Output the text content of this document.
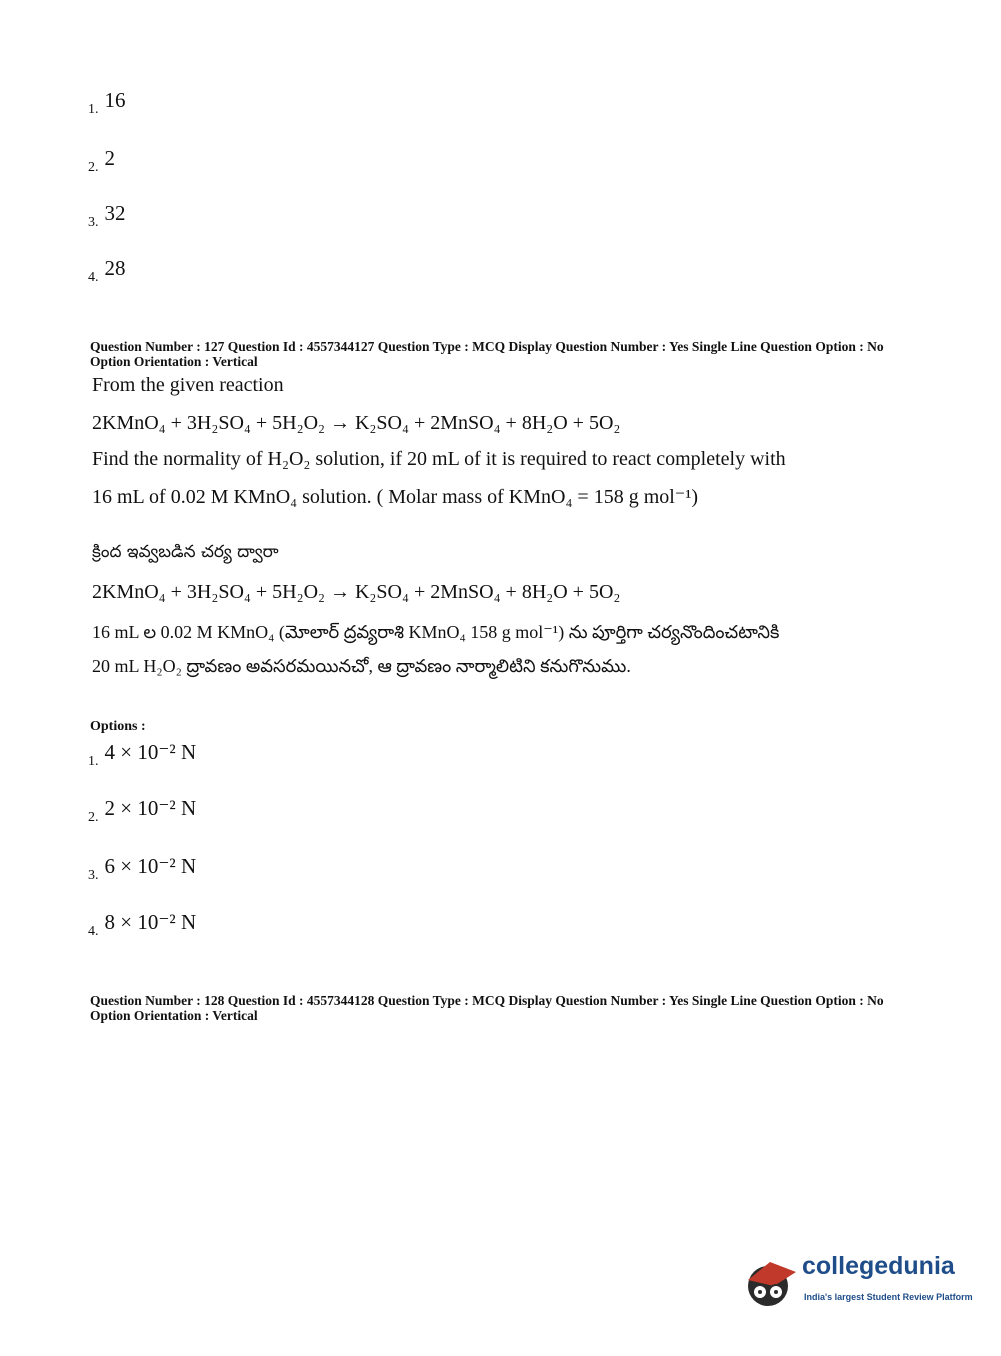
1. 16
2. 2
3. 32
4. 28
Question Number : 127 Question Id : 4557344127 Question Type : MCQ Display Question Number : Yes Single Line Question Option : No Option Orientation : Vertical
From the given reaction
2KMnO₄ + 3H₂SO₄ + 5H₂O₂ → K₂SO₄ + 2MnSO₄ + 8H₂O + 5O₂
Find the normality of H₂O₂ solution, if 20 mL of it is required to react completely with
16 mL of 0.02 M KMnO₄ solution. ( Molar mass of KMnO₄ = 158 g mol⁻¹)
క్రింద ఇవ్వబడిన చర్య ద్వారా
2KMnO₄ + 3H₂SO₄ + 5H₂O₂ → K₂SO₄ + 2MnSO₄ + 8H₂O + 5O₂
16 mL ల 0.02 M KMnO₄ (మోలార్ ద్రవ్యరాశి KMnO₄ 158 g mol⁻¹) ను పూర్తిగా చర్యనొందించటానికి
20 mL H₂O₂ ద్రావణం అవసరమయినచో, ఆ ద్రావణం నార్మాలిటిని కనుగొనుము.
Options :
1. 4 × 10⁻² N
2. 2 × 10⁻² N
3. 6 × 10⁻² N
4. 8 × 10⁻² N
Question Number : 128 Question Id : 4557344128 Question Type : MCQ Display Question Number : Yes Single Line Question Option : No Option Orientation : Vertical
collegedunia
India's largest Student Review Platform
